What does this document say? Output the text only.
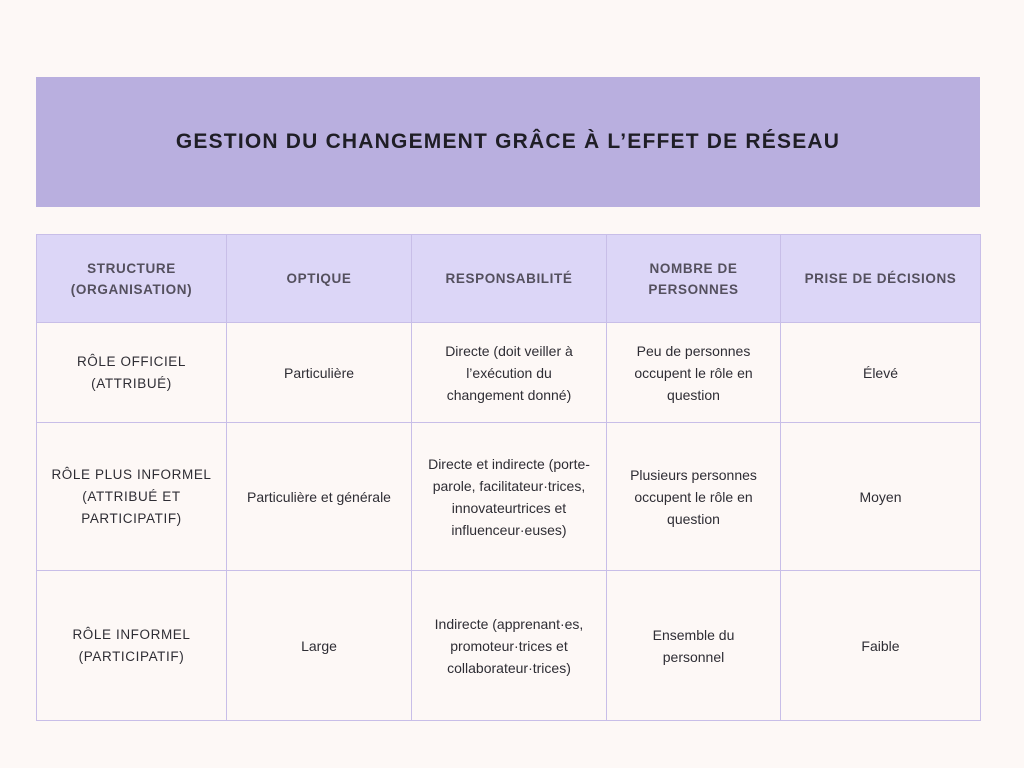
GESTION DU CHANGEMENT GRÂCE À L’EFFET DE RÉSEAU
STRUCTURE (ORGANISATION)	OPTIQUE	RESPONSABILITÉ	NOMBRE DE PERSONNES	PRISE DE DÉCISIONS
RÔLE OFFICIEL (ATTRIBUÉ)	Particulière	Directe (doit veiller à l’exécution du changement donné)	Peu de personnes occupent le rôle en question	Élevé
RÔLE PLUS INFORMEL (ATTRIBUÉ ET PARTICIPATIF)	Particulière et générale	Directe et indirecte (porte-parole, facilitateur·trices, innovateurtrices et influenceur·euses)	Plusieurs personnes occupent le rôle en question	Moyen
RÔLE INFORMEL (PARTICIPATIF)	Large	Indirecte (apprenant·es, promoteur·trices et collaborateur·trices)	Ensemble du personnel	Faible
